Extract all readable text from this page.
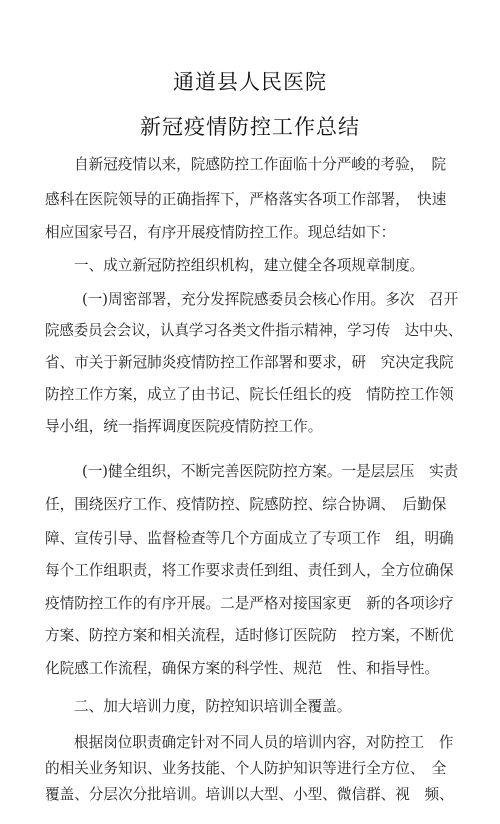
通道县人民医院
新冠疫情防控工作总结
自新冠疫情以来，院感防控工作面临十分严峻的考验，　院
感科在医院领导的正确指挥下，严格落实各项工作部署，　快速
相应国家号召，有序开展疫情防控工作。现总结如下：
一、成立新冠防控组织机构，建立健全各项规章制度。
(一)周密部署，充分发挥院感委员会核心作用。多次　召开
院感委员会会议，认真学习各类文件指示精神，学习传　达中央、
省、市关于新冠肺炎疫情防控工作部署和要求，研　究决定我院
防控工作方案，成立了由书记、院长任组长的疫　情防控工作领
导小组，统一指挥调度医院疫情防控工作。
(一)健全组织，不断完善医院防控方案。一是层层压　实责
任，围绕医疗工作、疫情防控、院感防控、综合协调、　后勤保
障、宣传引导、监督检查等几个方面成立了专项工作　组，明确
每个工作组职责，将工作要求责任到组、责任到人，全方位确保
疫情防控工作的有序开展。二是严格对接国家更　新的各项诊疗
方案、防控方案和相关流程，适时修订医院防　控方案，不断优
化院感工作流程，确保方案的科学性、规范　性、和指导性。
二、加大培训力度，防控知识培训全覆盖。
根据岗位职责确定针对不同人员的培训内容，对防控工　作
的相关业务知识、业务技能、个人防护知识等进行全方位、　全
覆盖、分层次分批培训。培训以大型、小型、微信群、视　频、
